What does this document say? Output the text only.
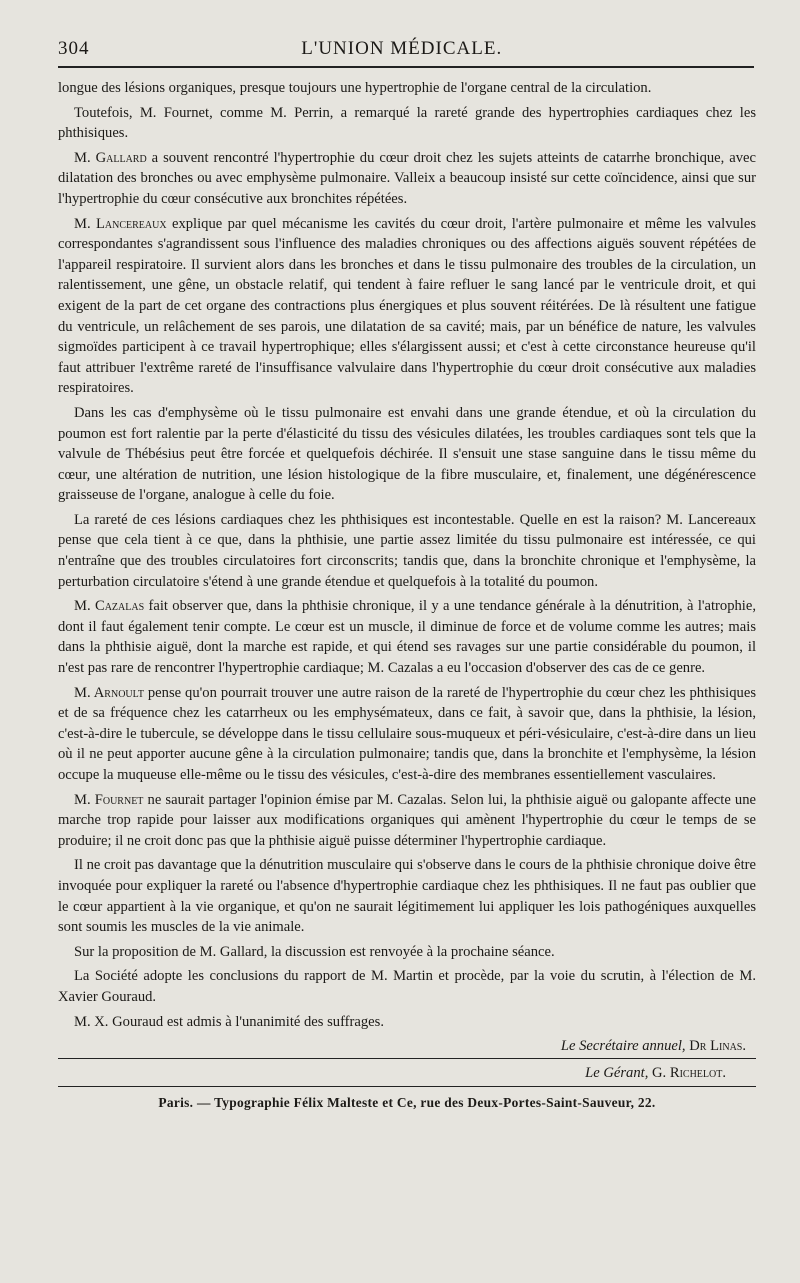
304	L'UNION MÉDICALE.

longue des lésions organiques, presque toujours une hypertrophie de l'organe central de la circulation.

Toutefois, M. Fournet, comme M. Perrin, a remarqué la rareté grande des hypertrophies cardiaques chez les phthisiques.

M. Gallard a souvent rencontré l'hypertrophie du cœur droit chez les sujets atteints de catarrhe bronchique, avec dilatation des bronches ou avec emphysème pulmonaire. Valleix a beaucoup insisté sur cette coïncidence, ainsi que sur l'hypertrophie du cœur consécutive aux bronchites répétées.

M. Lancereaux explique par quel mécanisme les cavités du cœur droit, l'artère pulmonaire et même les valvules correspondantes s'agrandissent sous l'influence des maladies chroniques ou des affections aiguës souvent répétées de l'appareil respiratoire. Il survient alors dans les bronches et dans le tissu pulmonaire des troubles de la circulation, un ralentissement, une gêne, un obstacle relatif, qui tendent à faire refluer le sang lancé par le ventricule droit, et qui exigent de la part de cet organe des contractions plus énergiques et plus souvent réitérées. De là résultent une fatigue du ventricule, un relâchement de ses parois, une dilatation de sa cavité; mais, par un bénéfice de nature, les valvules sigmoïdes participent à ce travail hypertrophique; elles s'élargissent aussi; et c'est à cette circonstance heureuse qu'il faut attribuer l'extrême rareté de l'insuffisance valvulaire dans l'hypertrophie du cœur droit consécutive aux maladies respiratoires.

Dans les cas d'emphysème où le tissu pulmonaire est envahi dans une grande étendue, et où la circulation du poumon est fort ralentie par la perte d'élasticité du tissu des vésicules dilatées, les troubles cardiaques sont tels que la valvule de Thébésius peut être forcée et quelquefois déchirée. Il s'ensuit une stase sanguine dans le tissu même du cœur, une altération de nutrition, une lésion histologique de la fibre musculaire, et, finalement, une dégénérescence graisseuse de l'organe, analogue à celle du foie.

La rareté de ces lésions cardiaques chez les phthisiques est incontestable. Quelle en est la raison? M. Lancereaux pense que cela tient à ce que, dans la phthisie, une partie assez limitée du tissu pulmonaire est intéressée, ce qui n'entraîne que des troubles circulatoires fort circonscrits; tandis que, dans la bronchite chronique et l'emphysème, la perturbation circulatoire s'étend à une grande étendue et quelquefois à la totalité du poumon.

M. Cazalas fait observer que, dans la phthisie chronique, il y a une tendance générale à la dénutrition, à l'atrophie, dont il faut également tenir compte. Le cœur est un muscle, il diminue de force et de volume comme les autres; mais dans la phthisie aiguë, dont la marche est rapide, et qui étend ses ravages sur une partie considérable du poumon, il n'est pas rare de rencontrer l'hypertrophie cardiaque; M. Cazalas a eu l'occasion d'observer des cas de ce genre.

M. Arnoult pense qu'on pourrait trouver une autre raison de la rareté de l'hypertrophie du cœur chez les phthisiques et de sa fréquence chez les catarrheux ou les emphysémateux, dans ce fait, à savoir que, dans la phthisie, la lésion, c'est-à-dire le tubercule, se développe dans le tissu cellulaire sous-muqueux et péri-vésiculaire, c'est-à-dire dans un lieu où il ne peut apporter aucune gêne à la circulation pulmonaire; tandis que, dans la bronchite et l'emphysème, la lésion occupe la muqueuse elle-même ou le tissu des vésicules, c'est-à-dire des membranes essentiellement vasculaires.

M. Fournet ne saurait partager l'opinion émise par M. Cazalas. Selon lui, la phthisie aiguë ou galopante affecte une marche trop rapide pour laisser aux modifications organiques qui amènent l'hypertrophie du cœur le temps de se produire; il ne croit donc pas que la phthisie aiguë puisse déterminer l'hypertrophie cardiaque.

Il ne croit pas davantage que la dénutrition musculaire qui s'observe dans le cours de la phthisie chronique doive être invoquée pour expliquer la rareté ou l'absence d'hypertrophie cardiaque chez les phthisiques. Il ne faut pas oublier que le cœur appartient à la vie organique, et qu'on ne saurait légitimement lui appliquer les lois pathogéniques auxquelles sont soumis les muscles de la vie animale.

Sur la proposition de M. Gallard, la discussion est renvoyée à la prochaine séance.

La Société adopte les conclusions du rapport de M. Martin et procède, par la voie du scrutin, à l'élection de M. Xavier Gouraud.

M. X. Gouraud est admis à l'unanimité des suffrages.

Le Secrétaire annuel, Dr Linas.
Le Gérant, G. Richelot.
Paris. — Typographie Félix Malteste et Ce, rue des Deux-Portes-Saint-Sauveur, 22.
